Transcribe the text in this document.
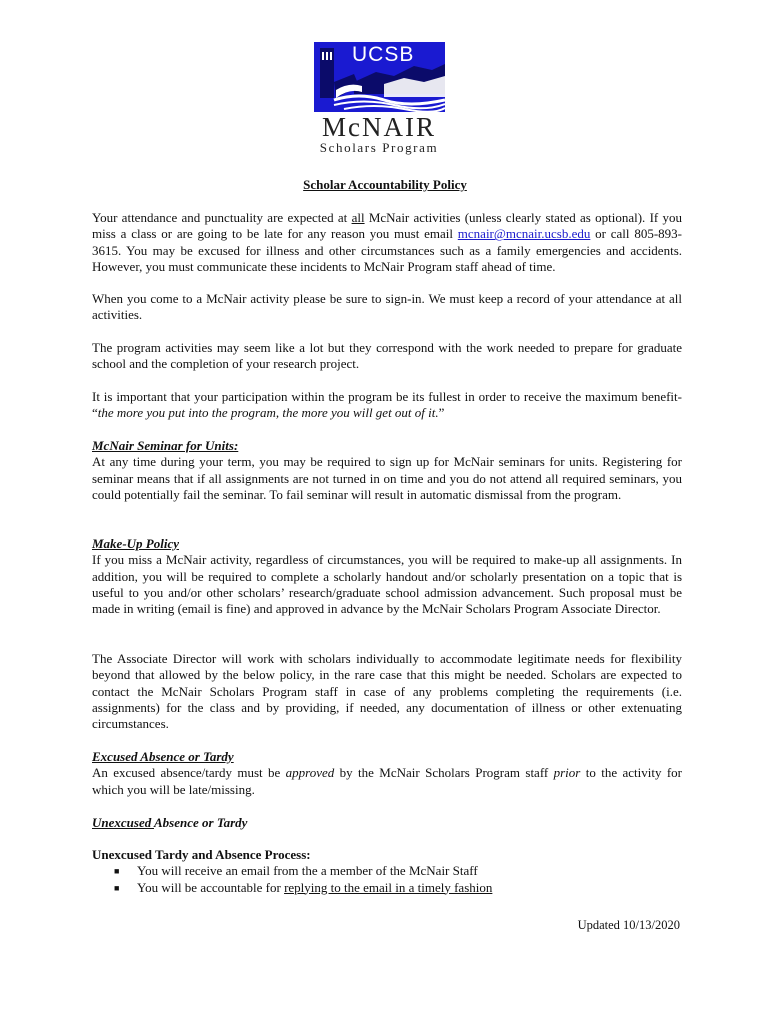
UCSB
McNAIR
Scholars Program
Scholar Accountability Policy
Your attendance and punctuality are expected at all McNair activities (unless clearly stated as optional). If you miss a class or are going to be late for any reason you must email mcnair@mcnair.ucsb.edu or call 805-893-3615. You may be excused for illness and other circumstances such as a family emergencies and accidents. However, you must communicate these incidents to McNair Program staff ahead of time.
When you come to a McNair activity please be sure to sign-in. We must keep a record of your attendance at all activities.
The program activities may seem like a lot but they correspond with the work needed to prepare for graduate school and the completion of your research project.
It is important that your participation within the program be its fullest in order to receive the maximum benefit- “the more you put into the program, the more you will get out of it.”
McNair Seminar for Units:
At any time during your term, you may be required to sign up for McNair seminars for units. Registering for seminar means that if all assignments are not turned in on time and you do not attend all required seminars, you could potentially fail the seminar. To fail seminar will result in automatic dismissal from the program.
Make-Up Policy
If you miss a McNair activity, regardless of circumstances, you will be required to make-up all assignments. In addition, you will be required to complete a scholarly handout and/or scholarly presentation on a topic that is useful to you and/or other scholars’ research/graduate school admission advancement. Such proposal must be made in writing (email is fine) and approved in advance by the McNair Scholars Program Associate Director.
The Associate Director will work with scholars individually to accommodate legitimate needs for flexibility beyond that allowed by the below policy, in the rare case that this might be needed. Scholars are expected to contact the McNair Scholars Program staff in case of any problems completing the requirements (i.e. assignments) for the class and by providing, if needed, any documentation of illness or other extenuating circumstances.
Excused Absence or Tardy
An excused absence/tardy must be approved by the McNair Scholars Program staff prior to the activity for which you will be late/missing.
Unexcused Absence or Tardy
Unexcused Tardy and Absence Process:
■ You will receive an email from the a member of the McNair Staff
■ You will be accountable for replying to the email in a timely fashion
Updated 10/13/2020
